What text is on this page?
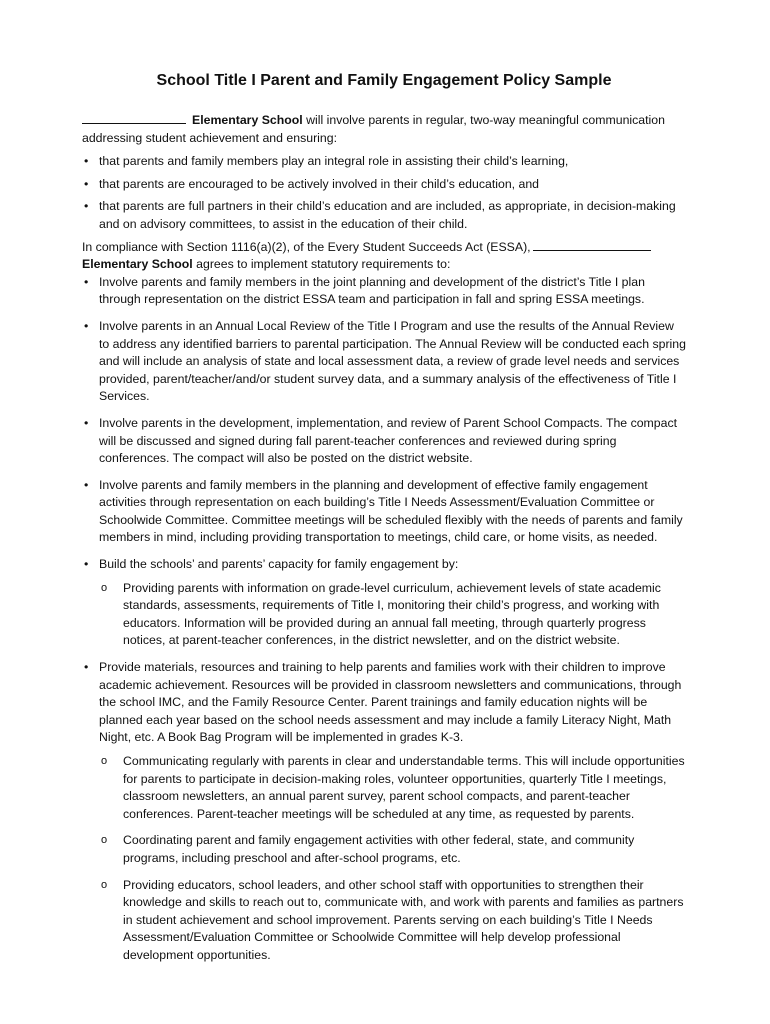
School Title I Parent and Family Engagement Policy Sample

Elementary School will involve parents in regular, two-way meaningful communication addressing student achievement and ensuring:

• that parents and family members play an integral role in assisting their child’s learning,
• that parents are encouraged to be actively involved in their child’s education, and
• that parents are full partners in their child’s education and are included, as appropriate, in decision-making and on advisory committees, to assist in the education of their child.

In compliance with Section 1116(a)(2), of the Every Student Succeeds Act (ESSA),
Elementary School agrees to implement statutory requirements to:

• Involve parents and family members in the joint planning and development of the district’s Title I plan through representation on the district ESSA team and participation in fall and spring ESSA meetings.
• Involve parents in an Annual Local Review of the Title I Program and use the results of the Annual Review to address any identified barriers to parental participation. The Annual Review will be conducted each spring and will include an analysis of state and local assessment data, a review of grade level needs and services provided, parent/teacher/and/or student survey data, and a summary analysis of the effectiveness of Title I Services.
• Involve parents in the development, implementation, and review of Parent School Compacts. The compact will be discussed and signed during fall parent-teacher conferences and reviewed during spring conferences. The compact will also be posted on the district website.
• Involve parents and family members in the planning and development of effective family engagement activities through representation on each building’s Title I Needs Assessment/Evaluation Committee or Schoolwide Committee. Committee meetings will be scheduled flexibly with the needs of parents and family members in mind, including providing transportation to meetings, child care, or home visits, as needed.
• Build the schools’ and parents’ capacity for family engagement by:
o Providing parents with information on grade-level curriculum, achievement levels of state academic standards, assessments, requirements of Title I, monitoring their child’s progress, and working with educators. Information will be provided during an annual fall meeting, through quarterly progress notices, at parent-teacher conferences, in the district newsletter, and on the district website.
• Provide materials, resources and training to help parents and families work with their children to improve academic achievement. Resources will be provided in classroom newsletters and communications, through the school IMC, and the Family Resource Center. Parent trainings and family education nights will be planned each year based on the school needs assessment and may include a family Literacy Night, Math Night, etc. A Book Bag Program will be implemented in grades K-3.
o Communicating regularly with parents in clear and understandable terms. This will include opportunities for parents to participate in decision-making roles, volunteer opportunities, quarterly Title I meetings, classroom newsletters, an annual parent survey, parent school compacts, and parent-teacher conferences. Parent-teacher meetings will be scheduled at any time, as requested by parents.
o Coordinating parent and family engagement activities with other federal, state, and community programs, including preschool and after-school programs, etc.
o Providing educators, school leaders, and other school staff with opportunities to strengthen their knowledge and skills to reach out to, communicate with, and work with parents and families as partners in student achievement and school improvement. Parents serving on each building’s Title I Needs Assessment/Evaluation Committee or Schoolwide Committee will help develop professional development opportunities.
